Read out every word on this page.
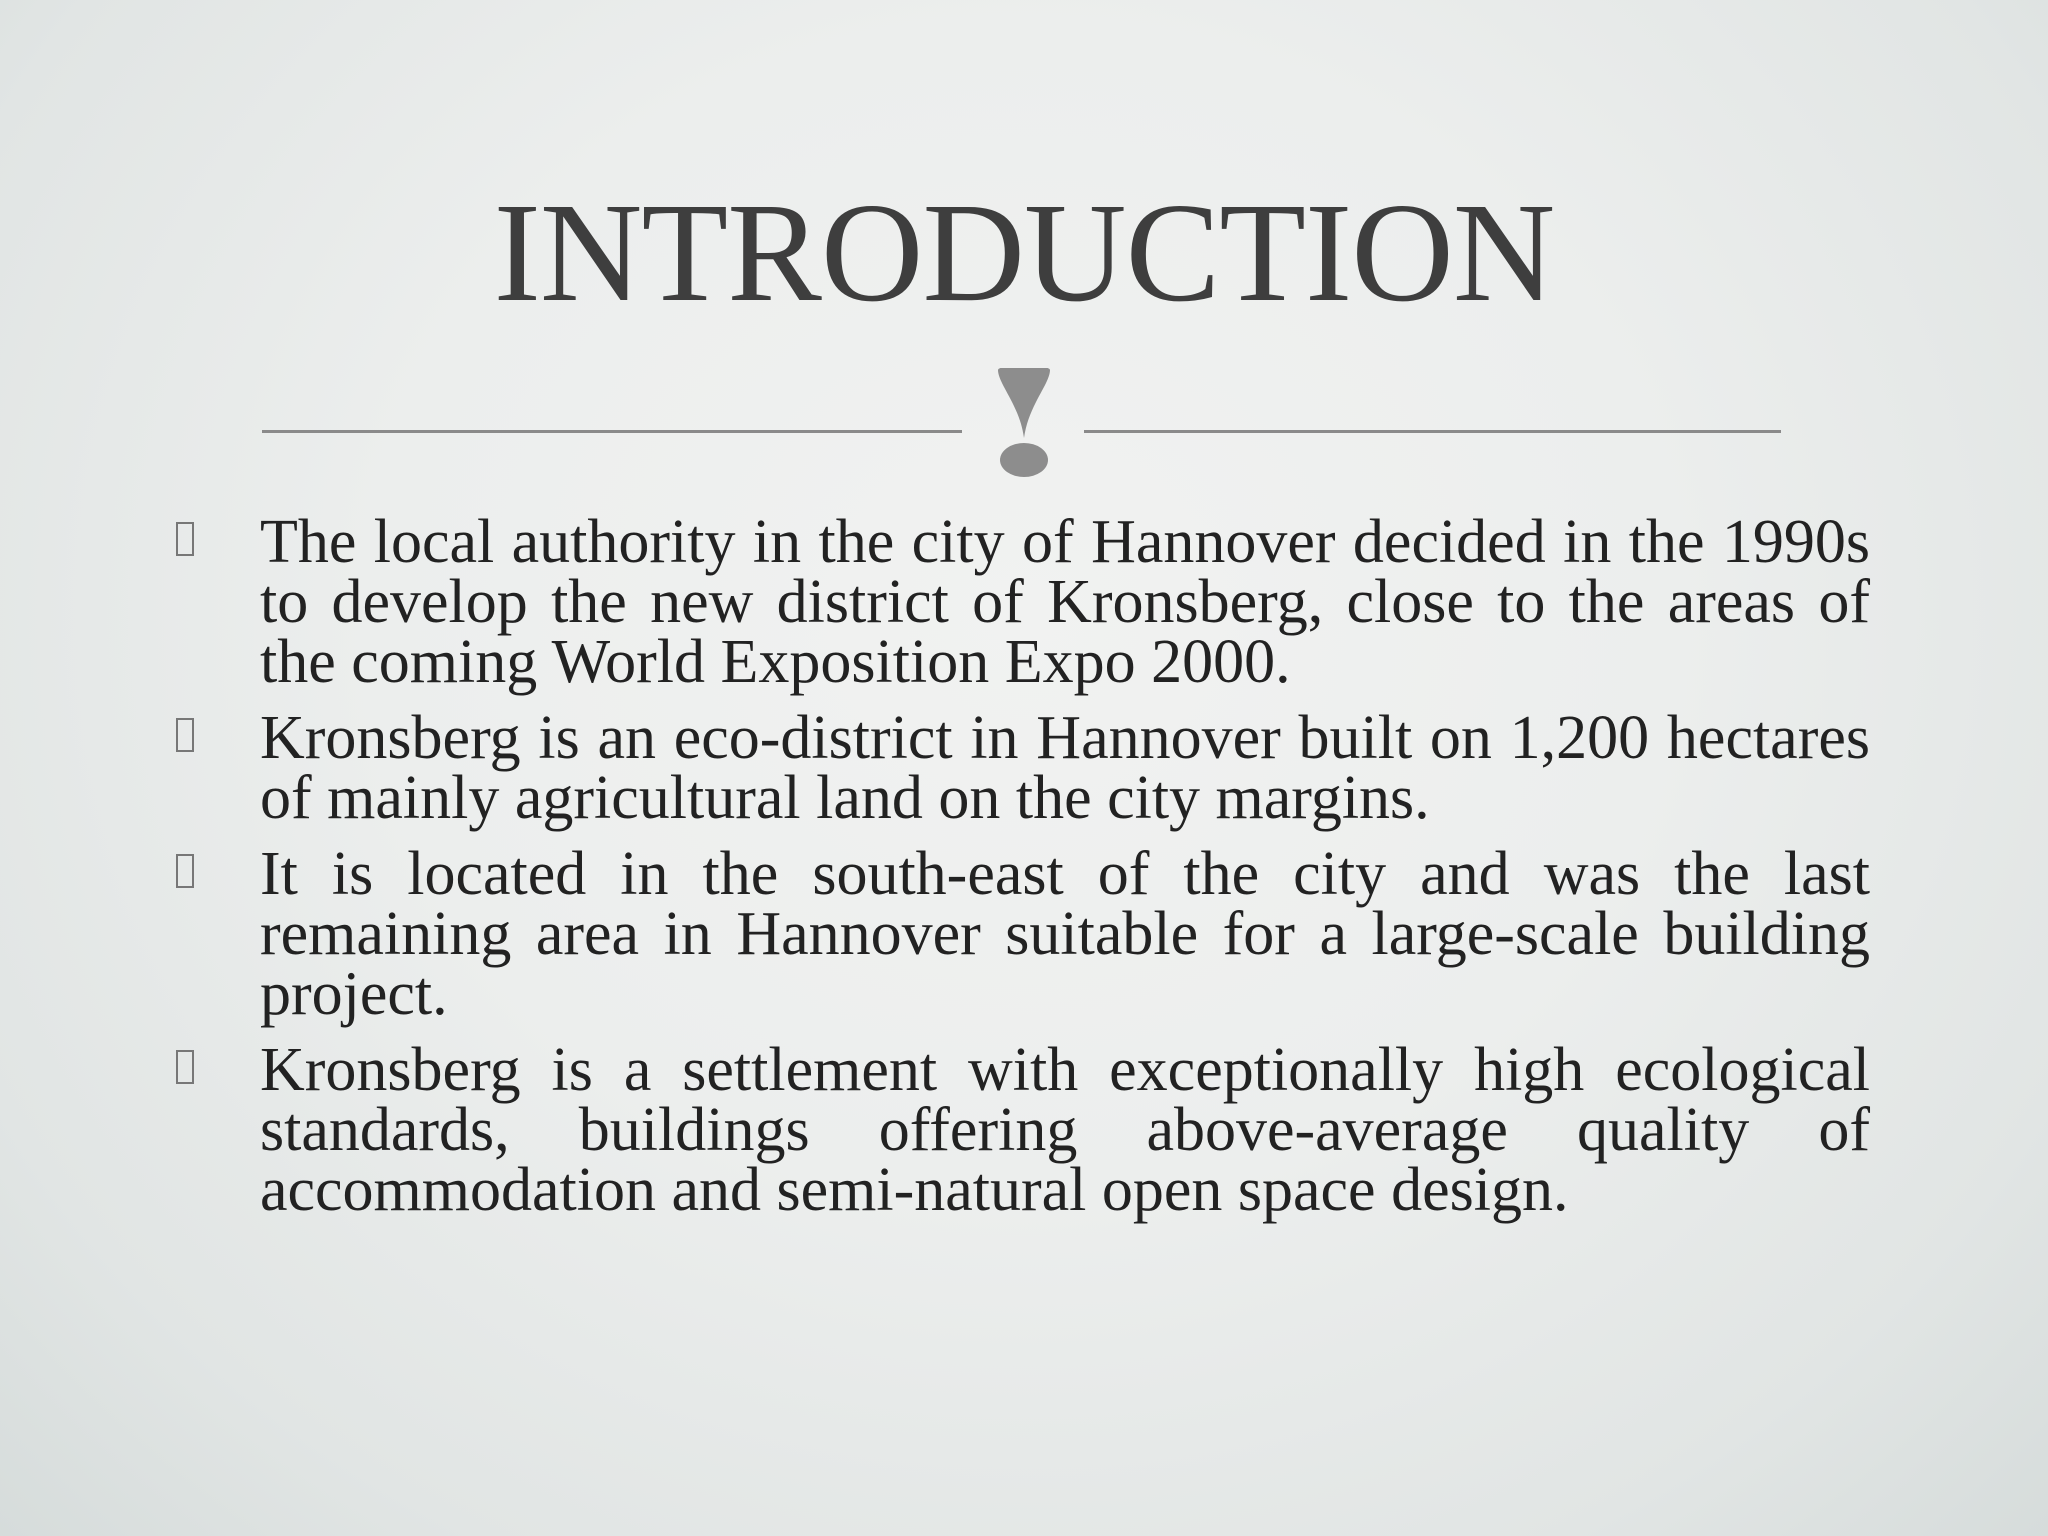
INTRODUCTION
The local authority in the city of Hannover decided in the 1990s to develop the new district of Kronsberg, close to the areas of the coming World Exposition Expo 2000.
Kronsberg is an eco-district in Hannover built on 1,200 hectares of mainly agricultural land on the city margins.
It is located in the south-east of the city and was the last remaining area in Hannover suitable for a large-scale building project.
Kronsberg is a settlement with exceptionally high ecological standards, buildings offering above-average quality of accommodation and semi-natural open space design.
